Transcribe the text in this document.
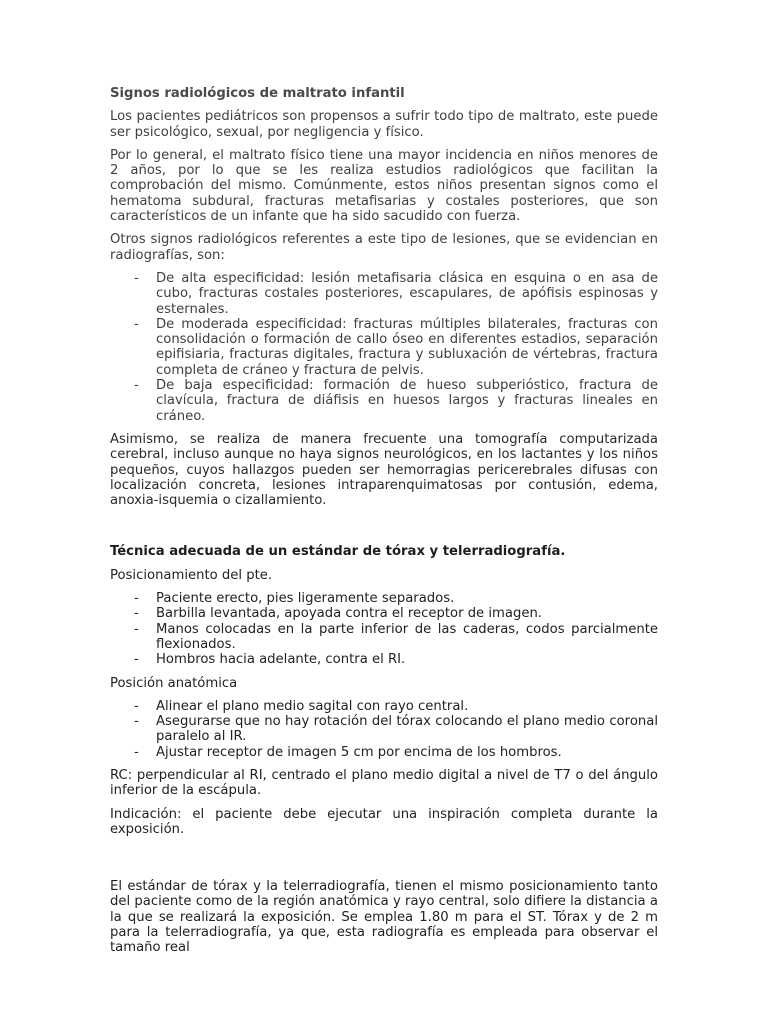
Signos radiológicos de maltrato infantil

Los pacientes pediátricos son propensos a sufrir todo tipo de maltrato, este puede ser psicológico, sexual, por negligencia y físico.

Por lo general, el maltrato físico tiene una mayor incidencia en niños menores de 2 años, por lo que se les realiza estudios radiológicos que facilitan la comprobación del mismo. Comúnmente, estos niños presentan signos como el hematoma subdural, fracturas metafisarias y costales posteriores, que son característicos de un infante que ha sido sacudido con fuerza.

Otros signos radiológicos referentes a este tipo de lesiones, que se evidencian en radiografías, son:

- De alta especificidad: lesión metafisaria clásica en esquina o en asa de cubo, fracturas costales posteriores, escapulares, de apófisis espinosas y esternales.
- De moderada especificidad: fracturas múltiples bilaterales, fracturas con consolidación o formación de callo óseo en diferentes estadios, separación epifisiaria, fracturas digitales, fractura y subluxación de vértebras, fractura completa de cráneo y fractura de pelvis.
- De baja especificidad: formación de hueso subperióstico, fractura de clavícula, fractura de diáfisis en huesos largos y fracturas lineales en cráneo.

Asimismo, se realiza de manera frecuente una tomografía computarizada cerebral, incluso aunque no haya signos neurológicos, en los lactantes y los niños pequeños, cuyos hallazgos pueden ser hemorragias pericerebrales difusas con localización concreta, lesiones intraparenquimatosas por contusión, edema, anoxia-isquemia o cizallamiento.

Técnica adecuada de un estándar de tórax y telerradiografía.

Posicionamiento del pte.

- Paciente erecto, pies ligeramente separados.
- Barbilla levantada, apoyada contra el receptor de imagen.
- Manos colocadas en la parte inferior de las caderas, codos parcialmente flexionados.
- Hombros hacia adelante, contra el RI.

Posición anatómica

- Alinear el plano medio sagital con rayo central.
- Asegurarse que no hay rotación del tórax colocando el plano medio coronal paralelo al IR.
- Ajustar receptor de imagen 5 cm por encima de los hombros.

RC: perpendicular al RI, centrado el plano medio digital a nivel de T7 o del ángulo inferior de la escápula.

Indicación: el paciente debe ejecutar una inspiración completa durante la exposición.

El estándar de tórax y la telerradiografía, tienen el mismo posicionamiento tanto del paciente como de la región anatómica y rayo central, solo difiere la distancia a la que se realizará la exposición. Se emplea 1.80 m para el ST. Tórax y de 2 m para la telerradiografía, ya que, esta radiografía es empleada para observar el tamaño real
